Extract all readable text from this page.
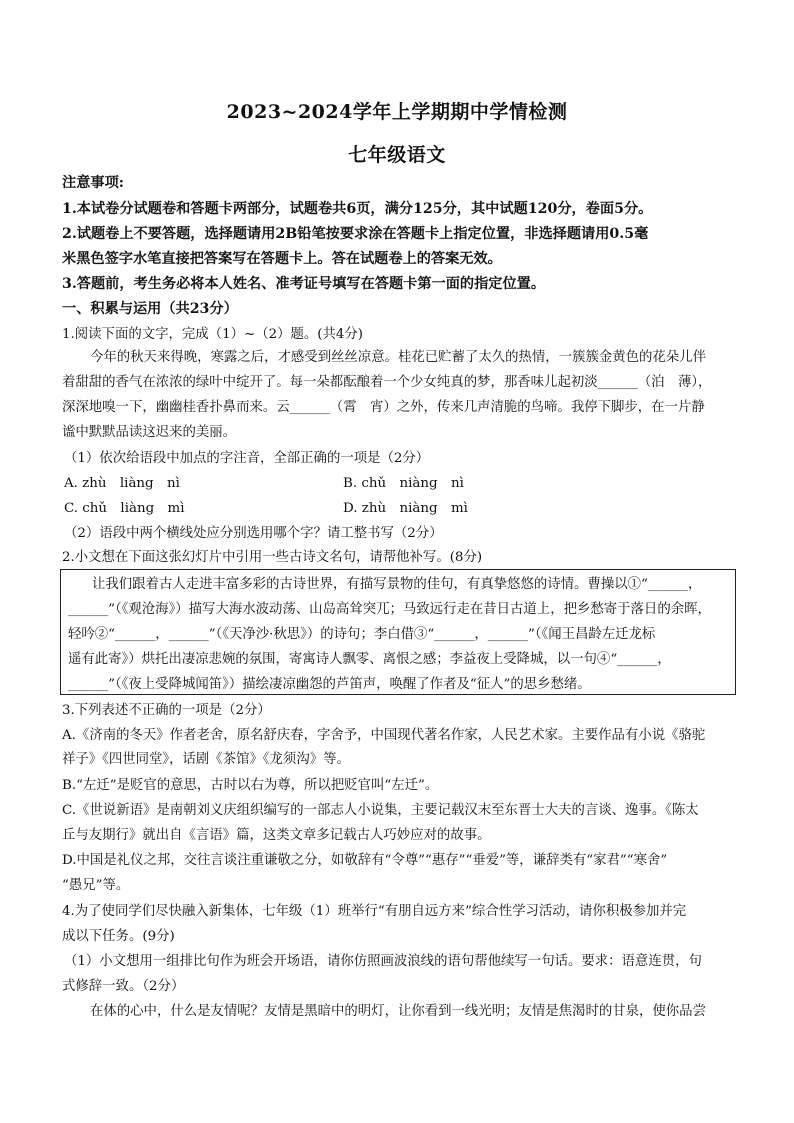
2023~2024学年上学期期中学情检测
七年级语文
注意事项:
1.本试卷分试题卷和答题卡两部分，试题卷共6页，满分125分，其中试题120分，卷面5分。
2.试题卷上不要答题，选择题请用2B铅笔按要求涂在答题卡上指定位置，非选择题请用0.5毫
米黑色签字水笔直接把答案写在答题卡上。答在试题卷上的答案无效。
3.答题前，考生务必将本人姓名、准考证号填写在答题卡第一面的指定位置。
一、积累与运用（共23分）
1.阅读下面的文字，完成（1）~（2）题。(共4分)
今年的秋天来得晚，寒露之后，才感受到丝丝凉意。桂花已贮蓄了太久的热情，一簇簇金黄色的花朵儿伴
着甜甜的香气在浓浓的绿叶中绽开了。每一朵都酝酿着一个少女纯真的梦，那香味儿起初淡______（泊　薄），
深深地嗅一下，幽幽桂香扑鼻而来。云______（霄　宵）之外，传来几声清脆的鸟啼。我停下脚步，在一片静
谧中默默品读这迟来的美丽。
（1）依次给语段中加点的字注音，全部正确的一项是（2分）
A. zhù　liàng　nì	B. chǔ　niàng　nì
C. chǔ　liàng　mì	D. zhù　niàng　mì
（2）语段中两个横线处应分别选用哪个字？请工整书写（2分）
2.小文想在下面这张幻灯片中引用一些古诗文名句，请帮他补写。(8分)
让我们跟着古人走进丰富多彩的古诗世界，有描写景物的佳句，有真挚悠悠的诗情。曹操以①“______，
______”（《观沧海》）描写大海水波动荡、山岛高耸突兀；马致远行走在昔日古道上，把乡愁寄于落日的余晖，
轻吟②“______，______”（《天净沙·秋思》）的诗句；李白借③“______，______”（《闻王昌龄左迁龙标
遥有此寄》）烘托出凄凉悲婉的氛围，寄寓诗人飘零、离恨之感；李益夜上受降城，以一句④“______，
______”（《夜上受降城闻笛》）描绘凄凉幽怨的芦笛声，唤醒了作者及“征人”的思乡愁绪。
3.下列表述不正确的一项是（2分）
A.《济南的冬天》作者老舍，原名舒庆春，字舍予，中国现代著名作家，人民艺术家。主要作品有小说《骆驼
祥子》《四世同堂》，话剧《茶馆》《龙须沟》等。
B.“左迁”是贬官的意思，古时以右为尊，所以把贬官叫“左迁”。
C.《世说新语》是南朝刘义庆组织编写的一部志人小说集，主要记载汉末至东晋士大夫的言谈、逸事。《陈太
丘与友期行》就出自《言语》篇，这类文章多记载古人巧妙应对的故事。
D.中国是礼仪之邦，交往言谈注重谦敬之分，如敬辞有“令尊”“惠存”“垂爱”等，谦辞类有“家君”“寒舍”
“愚兄”等。
4.为了使同学们尽快融入新集体，七年级（1）班举行“有朋自远方来”综合性学习活动，请你积极参加并完
成以下任务。(9分)
（1）小文想用一组排比句作为班会开场语，请你仿照画波浪线的语句帮他续写一句话。要求：语意连贯，句
式修辞一致。（2分）
在体的心中，什么是友情呢？友情是黑暗中的明灯，让你看到一线光明；友情是焦渴时的甘泉，使你品尝
